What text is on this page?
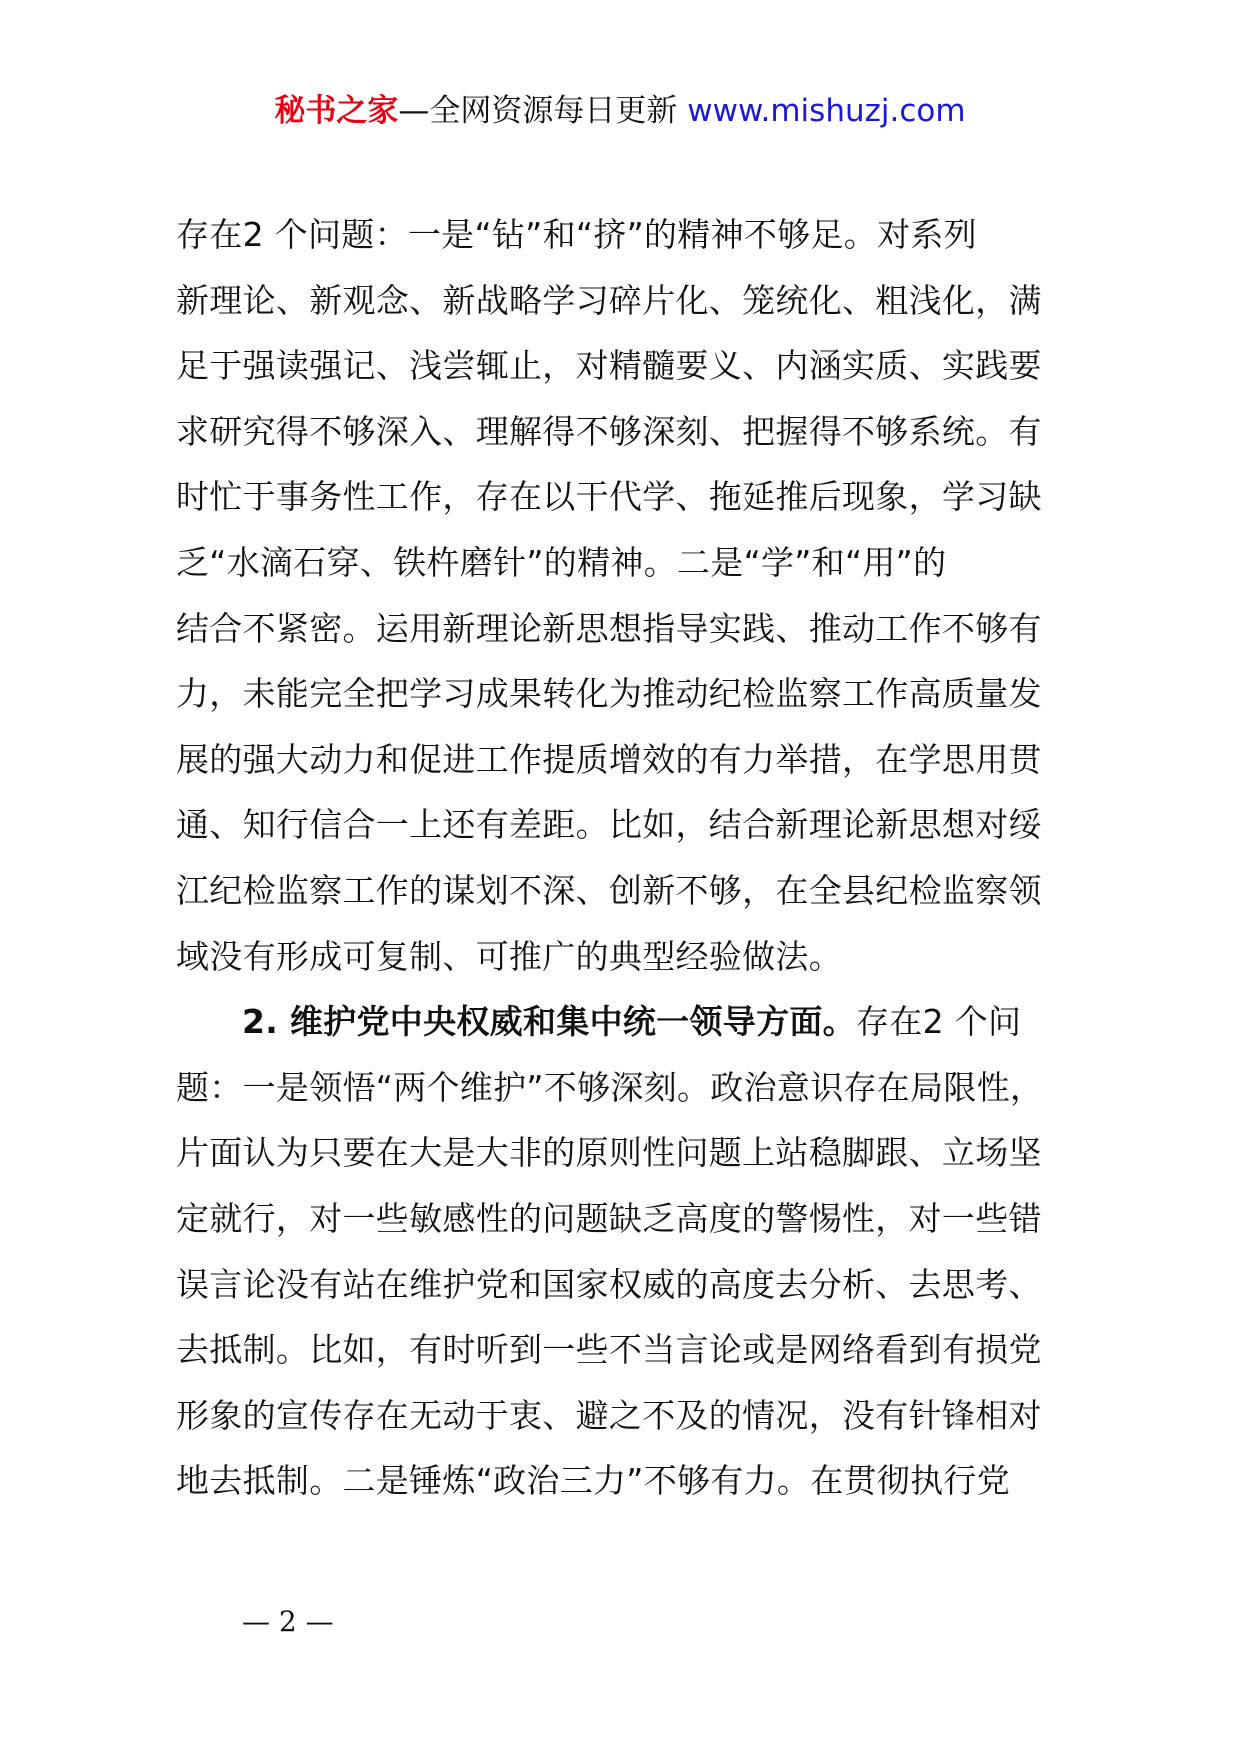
秘书之家—全网资源每日更新 www.mishuzj.com
存在2 个问题：一是“钻”和“挤”的精神不够足。对系列
新理论、新观念、新战略学习碎片化、笼统化、粗浅化，满
足于强读强记、浅尝辄止，对精髓要义、内涵实质、实践要
求研究得不够深入、理解得不够深刻、把握得不够系统。有
时忙于事务性工作，存在以干代学、拖延推后现象，学习缺
乏“水滴石穿、铁杵磨针”的精神。二是“学”和“用”的
结合不紧密。运用新理论新思想指导实践、推动工作不够有
力，未能完全把学习成果转化为推动纪检监察工作高质量发
展的强大动力和促进工作提质增效的有力举措，在学思用贯
通、知行信合一上还有差距。比如，结合新理论新思想对绥
江纪检监察工作的谋划不深、创新不够，在全县纪检监察领
域没有形成可复制、可推广的典型经验做法。
2. 维护党中央权威和集中统一领导方面。存在2 个问
题：一是领悟“两个维护”不够深刻。政治意识存在局限性，
片面认为只要在大是大非的原则性问题上站稳脚跟、立场坚
定就行，对一些敏感性的问题缺乏高度的警惕性，对一些错
误言论没有站在维护党和国家权威的高度去分析、去思考、
去抵制。比如，有时听到一些不当言论或是网络看到有损党
形象的宣传存在无动于衷、避之不及的情况，没有针锋相对
地去抵制。二是锤炼“政治三力”不够有力。在贯彻执行党
— 2 —
